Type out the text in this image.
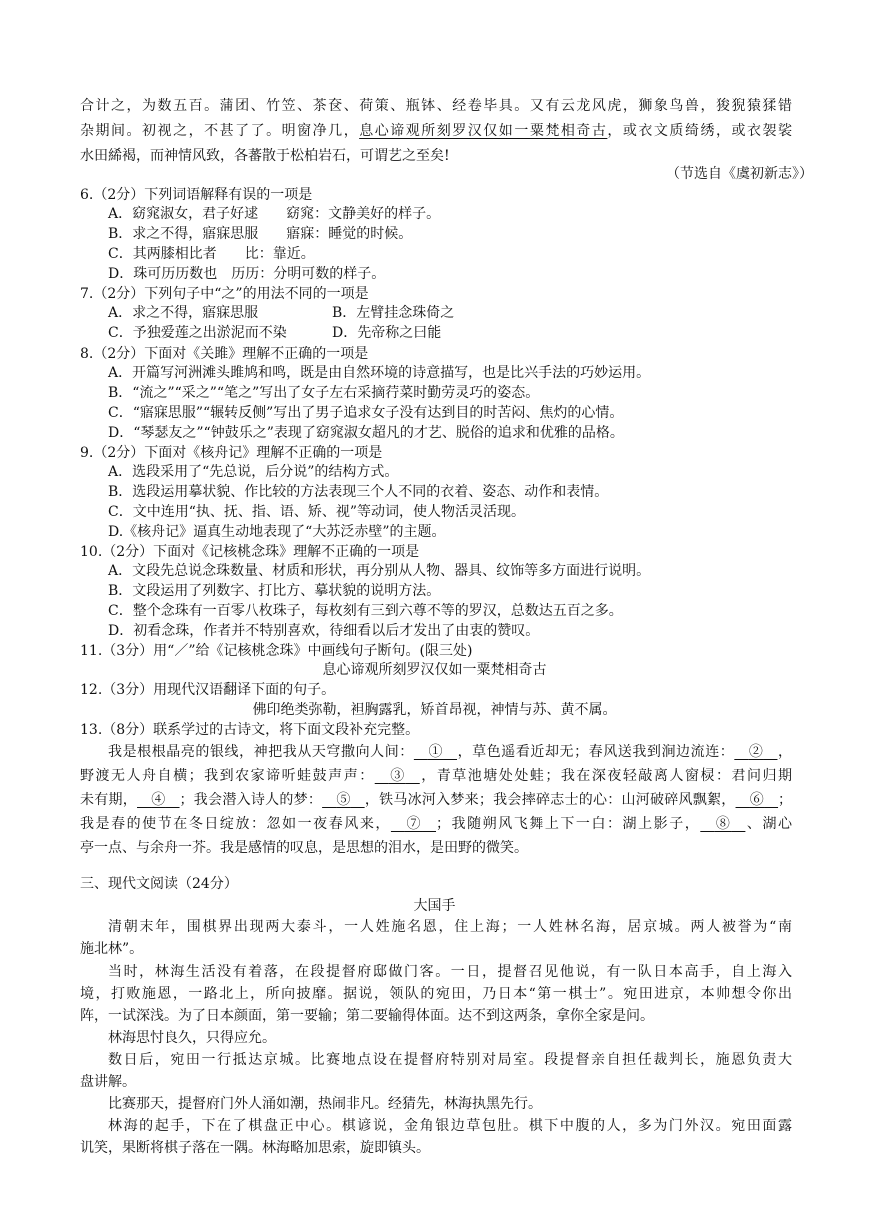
合计之，为数五百。蒲团、竹笠、茶奁、荷策、瓶钵、经卷毕具。又有云龙风虎，狮象鸟兽，狻猊猿猱错
杂期间。初视之，不甚了了。明窗净几，息心谛观所刻罗汉仅如一粟梵相奇古，或衣文质绮绣，或衣袈裟
水田絺褐，而神情风致，各蕃散于松柏岩石，可谓艺之至矣!
（节选自《虞初新志》）
6.（2分）下列词语解释有误的一项是
A．窈窕淑女，君子好逑　　窈窕：文静美好的样子。
B．求之不得，寤寐思服　　寤寐：睡觉的时候。
C．其两膝相比者　　比：靠近。
D．珠可历历数也　历历：分明可数的样子。
7.（2分）下列句子中“之”的用法不同的一项是
A．求之不得，寤寐思服	B．左臂挂念珠倚之
C．予独爱莲之出淤泥而不染	D．先帝称之曰能
8.（2分）下面对《关雎》理解不正确的一项是
A．开篇写河洲滩头雎鸠和鸣，既是由自然环境的诗意描写，也是比兴手法的巧妙运用。
B．“流之”“采之”“笔之”写出了女子左右采摘荇菜时勤劳灵巧的姿态。
C．“寤寐思服”“辗转反侧”写出了男子追求女子没有达到目的时苦闷、焦灼的心情。
D．“琴瑟友之”“钟鼓乐之”表现了窈窕淑女超凡的才艺、脱俗的追求和优雅的品格。
9.（2分）下面对《核舟记》理解不正确的一项是
A．选段采用了“先总说，后分说”的结构方式。
B．选段运用摹状貌、作比较的方法表现三个人不同的衣着、姿态、动作和表情。
C．文中连用“执、抚、指、语、矫、视”等动词，使人物活灵活现。
D.《核舟记》逼真生动地表现了“大苏泛赤壁”的主题。
10.（2分）下面对《记核桃念珠》理解不正确的一项是
A．文段先总说念珠数量、材质和形状，再分别从人物、器具、纹饰等多方面进行说明。
B．文段运用了列数字、打比方、摹状貌的说明方法。
C．整个念珠有一百零八枚珠子，每枚刻有三到六尊不等的罗汉，总数达五百之多。
D．初看念珠，作者并不特别喜欢，待细看以后才发出了由衷的赞叹。
11.（3分）用“／”给《记核桃念珠》中画线句子断句。(限三处)
息心谛观所刻罗汉仅如一粟梵相奇古
12.（3分）用现代汉语翻译下面的句子。
佛印绝类弥勒，袒胸露乳，矫首昂视，神情与苏、黄不属。
13.（8分）联系学过的古诗文，将下面文段补充完整。
我是根根晶亮的银线，神把我从天穹撒向人间：  ①  ，草色遥看近却无；春风送我到涧边流连：  ②  ，
野渡无人舟自横；我到农家谛听蛙鼓声声：  ③  ，青草池塘处处蛙；我在深夜轻敲离人窗棂：君问归期
未有期，  ④  ；我会潜入诗人的梦：  ⑤  ，铁马冰河入梦来；我会摔碎志士的心：山河破碎风飘絮，  ⑥  ；
我是春的使节在冬日绽放：忽如一夜春风来，  ⑦  ；我随朔风飞舞上下一白：湖上影子，  ⑧  、湖心
亭一点、与余舟一芥。我是感情的叹息，是思想的泪水，是田野的微笑。
三、现代文阅读（24分）
大国手
清朝末年，围棋界出现两大泰斗，一人姓施名恩，住上海；一人姓林名海，居京城。两人被誉为“南
施北林”。
当时，林海生活没有着落，在段提督府邸做门客。一日，提督召见他说，有一队日本高手，自上海入
境，打败施恩，一路北上，所向披靡。据说，领队的宛田，乃日本“第一棋士”。宛田进京，本帅想令你出
阵，一试深浅。为了日本颜面，第一要输；第二要输得体面。达不到这两条，拿你全家是问。
林海思忖良久，只得应允。
数日后，宛田一行抵达京城。比赛地点设在提督府特别对局室。段提督亲自担任裁判长，施恩负责大
盘讲解。
比赛那天，提督府门外人涌如潮，热闹非凡。经猜先，林海执黑先行。
林海的起手，下在了棋盘正中心。棋谚说，金角银边草包肚。棋下中腹的人，多为门外汉。宛田面露
讥笑，果断将棋子落在一隅。林海略加思索，旋即镇头。
